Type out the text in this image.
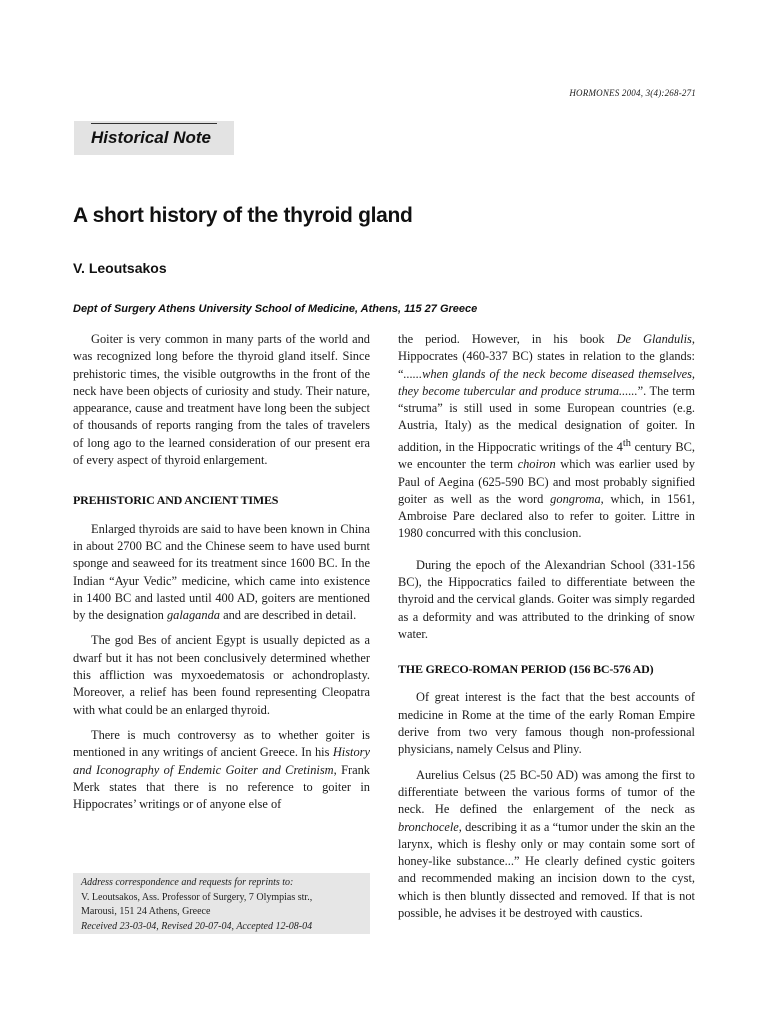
HORMONES 2004, 3(4):268-271
Historical Note
A short history of the thyroid gland
V. Leoutsakos
Dept of Surgery Athens University School of Medicine, Athens, 115 27 Greece

Goiter is very common in many parts of the world and was recognized long before the thyroid gland itself. Since prehistoric times, the visible outgrowths in the front of the neck have been objects of curiosity and study. Their nature, appearance, cause and treatment have long been the subject of thousands of reports ranging from the tales of travelers of long ago to the learned consideration of our present era of every aspect of thyroid enlargement.

PREHISTORIC AND ANCIENT TIMES

Enlarged thyroids are said to have been known in China in about 2700 BC and the Chinese seem to have used burnt sponge and seaweed for its treatment since 1600 BC. In the Indian “Ayur Vedic” medicine, which came into existence in 1400 BC and lasted until 400 AD, goiters are mentioned by the designation galaganda and are described in detail.

The god Bes of ancient Egypt is usually depicted as a dwarf but it has not been conclusively determined whether this affliction was myxoedematosis or achondroplasty. Moreover, a relief has been found representing Cleopatra with what could be an enlarged thyroid.

There is much controversy as to whether goiter is mentioned in any writings of ancient Greece. In his History and Iconography of Endemic Goiter and Cretinism, Frank Merk states that there is no reference to goiter in Hippocrates’ writings or of anyone else of

Address correspondence and requests for reprints to:
V. Leoutsakos, Ass. Professor of Surgery, 7 Olympias str.,
Marousi, 151 24 Athens, Greece
Received 23-03-04, Revised 20-07-04, Accepted 12-08-04

the period. However, in his book De Glandulis, Hippocrates (460-337 BC) states in relation to the glands: “......when glands of the neck become diseased themselves, they become tubercular and produce struma......”. The term “struma” is still used in some European countries (e.g. Austria, Italy) as the medical designation of goiter. In addition, in the Hippocratic writings of the 4th century BC, we encounter the term choiron which was earlier used by Paul of Aegina (625-590 BC) and most probably signified goiter as well as the word gongroma, which, in 1561, Ambroise Pare declared also to refer to goiter. Littre in 1980 concurred with this conclusion.

During the epoch of the Alexandrian School (331-156 BC), the Hippocratics failed to differentiate between the thyroid and the cervical glands. Goiter was simply regarded as a deformity and was attributed to the drinking of snow water.

THE GRECO-ROMAN PERIOD (156 BC-576 AD)

Of great interest is the fact that the best accounts of medicine in Rome at the time of the early Roman Empire derive from two very famous though non-professional physicians, namely Celsus and Pliny.

Aurelius Celsus (25 BC-50 AD) was among the first to differentiate between the various forms of tumor of the neck. He defined the enlargement of the neck as bronchocele, describing it as a “tumor under the skin an the larynx, which is fleshy only or may contain some sort of honey-like substance...” He clearly defined cystic goiters and recommended making an incision down to the cyst, which is then bluntly dissected and removed. If that is not possible, he advises it be destroyed with caustics.
